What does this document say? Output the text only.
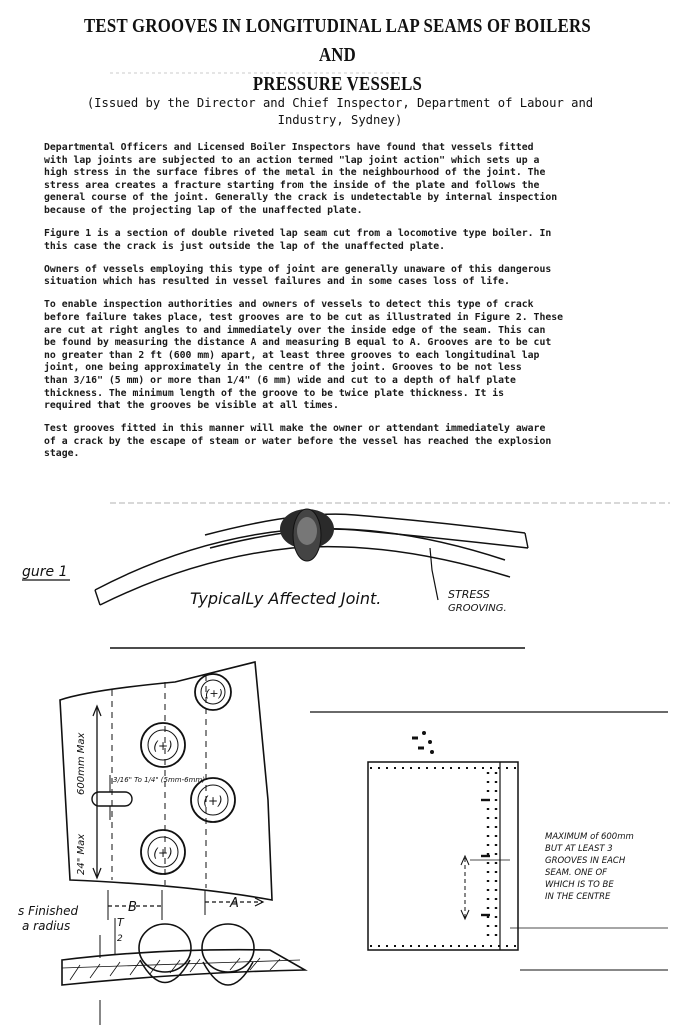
TEST GROOVES IN LONGITUDINAL LAP SEAMS OF BOILERS AND
PRESSURE VESSELS
(Issued by the Director and Chief Inspector, Department of Labour and
Industry, Sydney)

Departmental Officers and Licensed Boiler Inspectors have found that vessels fitted
with lap joints are subjected to an action termed "lap joint action" which sets up a
high stress in the surface fibres of the metal in the neighbourhood of the joint. The
stress area creates a fracture starting from the inside of the plate and follows the
general course of the joint. Generally the crack is undetectable by internal inspection
because of the projecting lap of the unaffected plate.

Figure 1 is a section of double riveted lap seam cut from a locomotive type boiler. In
this case the crack is just outside the lap of the unaffected plate.

Owners of vessels employing this type of joint are generally unaware of this dangerous
situation which has resulted in vessel failures and in some cases loss of life.

To enable inspection authorities and owners of vessels to detect this type of crack
before failure takes place, test grooves are to be cut as illustrated in Figure 2. These
are cut at right angles to and immediately over the inside edge of the seam. This can
be found by measuring the distance A and measuring B equal to A. Grooves are to be cut
no greater than 2 ft (600 mm) apart, at least three grooves to each longitudinal lap
joint, one being approximately in the centre of the joint. Grooves to be not less
than 3/16" (5 mm) or more than 1/4" (6 mm) wide and cut to a depth of half plate
thickness. The minimum length of the groove to be twice plate thickness. It is
required that the grooves be visible at all times.

Test grooves fitted in this manner will make the owner or attendant immediately aware
of a crack by the escape of steam or water before the vessel has reached the explosion
stage.

gure 1
TypicalLy Affected Joint.	STRESS
GROOVING.
600mm Max
24" Max
3/16" To 1/4" (5mm-6mm)
(+)
(+)
(+)
(+)
B	A
T
2
s Finished
a radius
MAXIMUM of 600mm
BUT AT LEAST 3
GROOVES IN EACH
SEAM. ONE OF
WHICH IS TO BE
IN THE CENTRE
